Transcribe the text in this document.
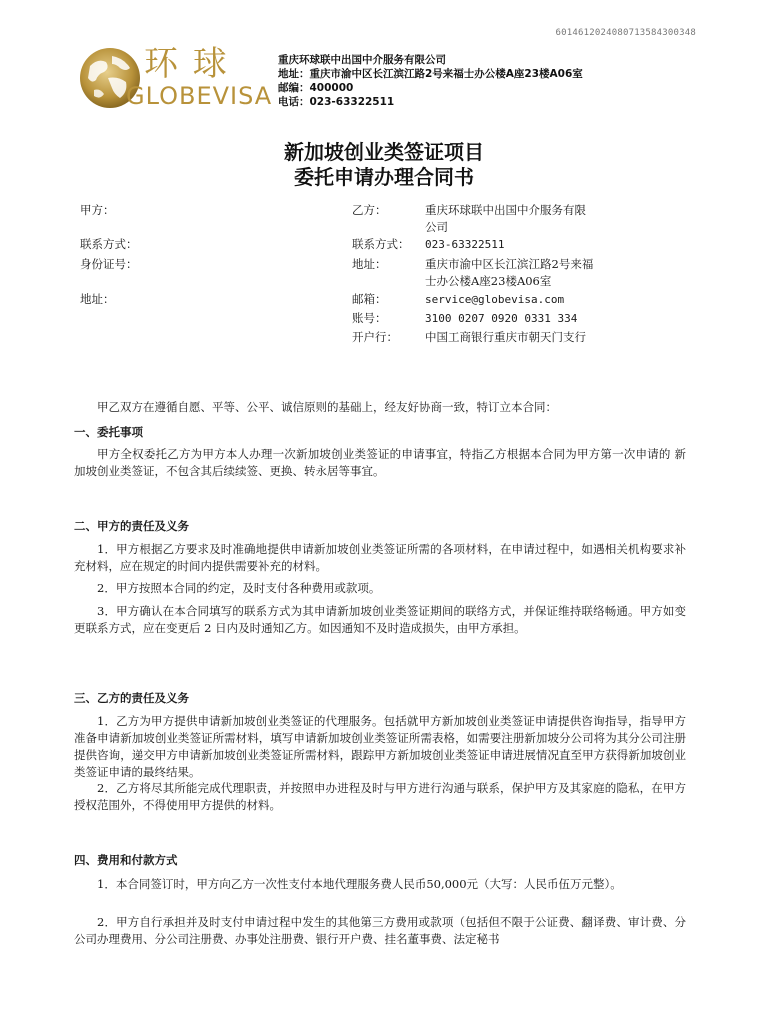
6014612024080713584300348
环 球
GLOBEVISA
重庆环球联中出国中介服务有限公司
地址：重庆市渝中区长江滨江路2号来福士办公楼A座23楼A06室
邮编：400000
电话：023-63322511
新加坡创业类签证项目
委托申请办理合同书
甲方：
联系方式：
身份证号：
地址：
乙方：
联系方式：
地址：
邮箱：
账号：
开户行：
重庆环球联中出国中介服务有限
公司
023-63322511
重庆市渝中区长江滨江路2号来福
士办公楼A座23楼A06室
service@globevisa.com
3100 0207 0920 0331 334
中国工商银行重庆市朝天门支行
甲乙双方在遵循自愿、平等、公平、诚信原则的基础上，经友好协商一致，特订立本合同：
一、委托事项
甲方全权委托乙方为甲方本人办理一次新加坡创业类签证的申请事宜，特指乙方根据本合同为甲方第一次申请的 新加坡创业类签证，不包含其后续续签、更换、转永居等事宜。
二、甲方的责任及义务
1．甲方根据乙方要求及时准确地提供申请新加坡创业类签证所需的各项材料，在申请过程中，如遇相关机构要求补充材料，应在规定的时间内提供需要补充的材料。
2．甲方按照本合同的约定，及时支付各种费用或款项。
3．甲方确认在本合同填写的联系方式为其申请新加坡创业类签证期间的联络方式，并保证维持联络畅通。甲方如变更联系方式，应在变更后 2 日内及时通知乙方。如因通知不及时造成损失，由甲方承担。
三、乙方的责任及义务
1．乙方为甲方提供申请新加坡创业类签证的代理服务。包括就甲方新加坡创业类签证申请提供咨询指导，指导甲方准备申请新加坡创业类签证所需材料，填写申请新加坡创业类签证所需表格，如需要注册新加坡分公司将为其分公司注册提供咨询，递交甲方申请新加坡创业类签证所需材料，跟踪甲方新加坡创业类签证申请进展情况直至甲方获得新加坡创业类签证申请的最终结果。
2．乙方将尽其所能完成代理职责，并按照申办进程及时与甲方进行沟通与联系，保护甲方及其家庭的隐私，在甲方授权范围外，不得使用甲方提供的材料。
四、费用和付款方式
1．本合同签订时，甲方向乙方一次性支付本地代理服务费人民币50,000元（大写：人民币伍万元整）。
2．甲方自行承担并及时支付申请过程中发生的其他第三方费用或款项（包括但不限于公证费、翻译费、审计费、分公司办理费用、分公司注册费、办事处注册费、银行开户费、挂名董事费、法定秘书
